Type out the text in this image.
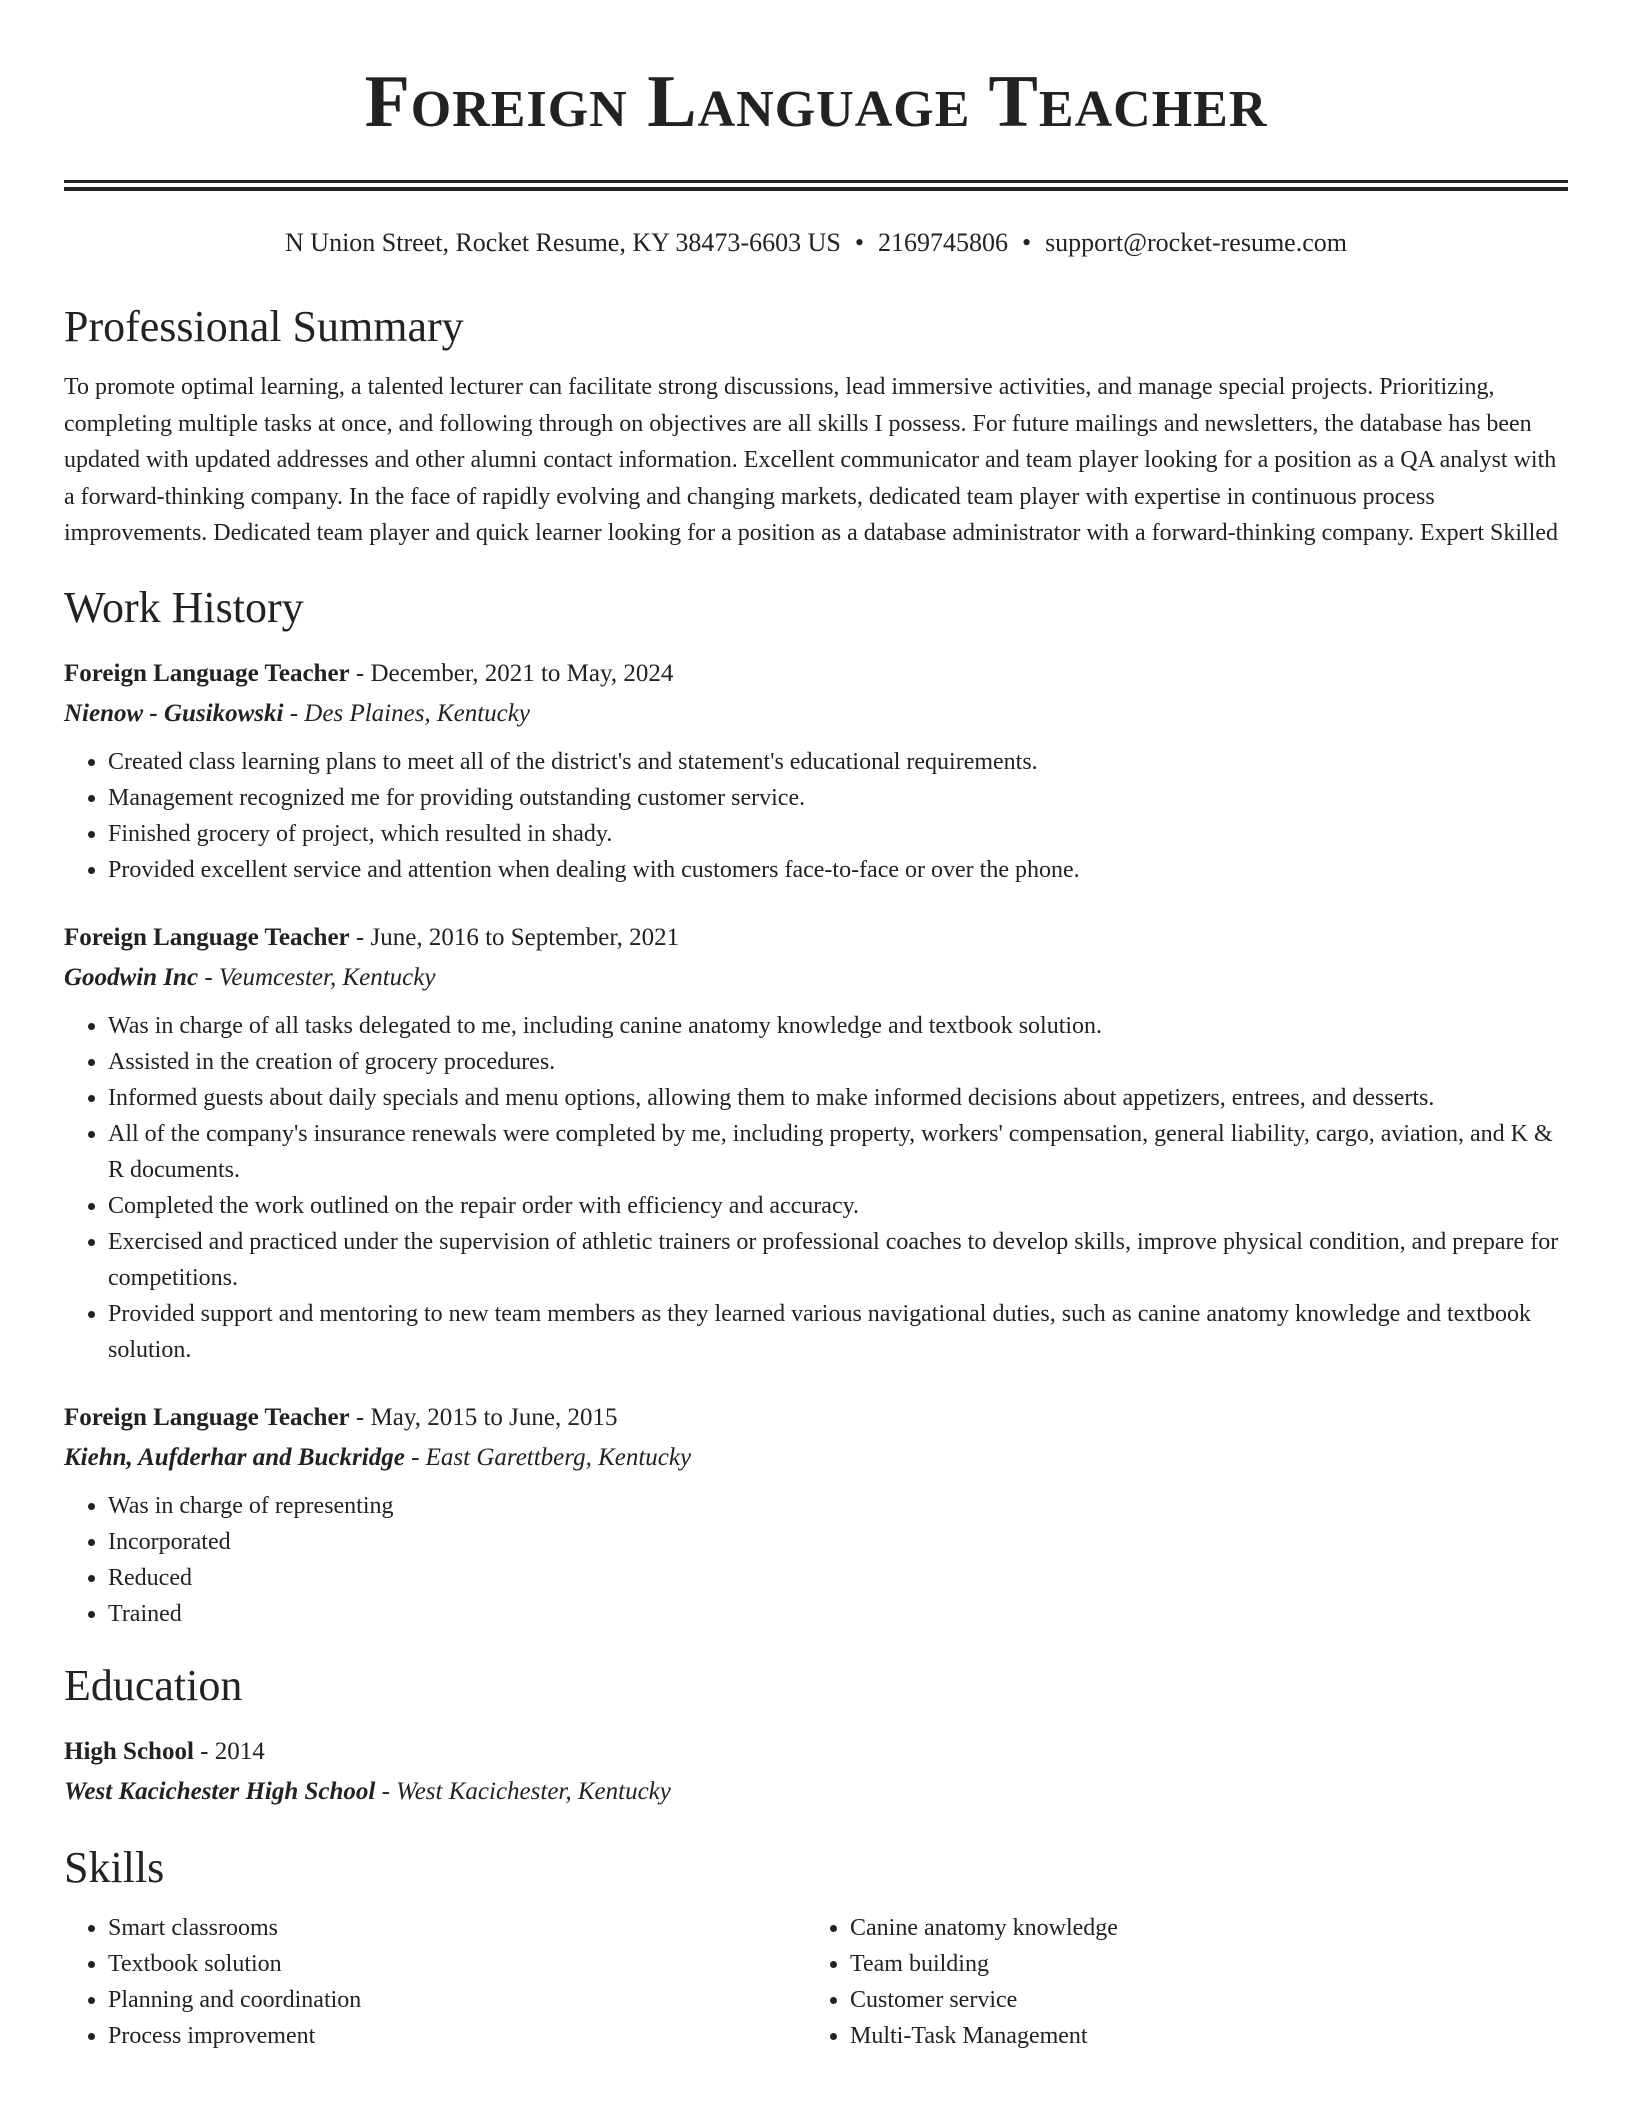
Foreign Language Teacher
N Union Street, Rocket Resume, KY 38473-6603 US • 2169745806 • support@rocket-resume.com
Professional Summary
To promote optimal learning, a talented lecturer can facilitate strong discussions, lead immersive activities, and manage special projects. Prioritizing, completing multiple tasks at once, and following through on objectives are all skills I possess. For future mailings and newsletters, the database has been updated with updated addresses and other alumni contact information. Excellent communicator and team player looking for a position as a QA analyst with a forward-thinking company. In the face of rapidly evolving and changing markets, dedicated team player with expertise in continuous process improvements. Dedicated team player and quick learner looking for a position as a database administrator with a forward-thinking company. Expert Skilled
Work History
Foreign Language Teacher - December, 2021 to May, 2024
Nienow - Gusikowski - Des Plaines, Kentucky
• Created class learning plans to meet all of the district's and statement's educational requirements.
• Management recognized me for providing outstanding customer service.
• Finished grocery of project, which resulted in shady.
• Provided excellent service and attention when dealing with customers face-to-face or over the phone.
Foreign Language Teacher - June, 2016 to September, 2021
Goodwin Inc - Veumcester, Kentucky
• Was in charge of all tasks delegated to me, including canine anatomy knowledge and textbook solution.
• Assisted in the creation of grocery procedures.
• Informed guests about daily specials and menu options, allowing them to make informed decisions about appetizers, entrees, and desserts.
• All of the company's insurance renewals were completed by me, including property, workers' compensation, general liability, cargo, aviation, and K & R documents.
• Completed the work outlined on the repair order with efficiency and accuracy.
• Exercised and practiced under the supervision of athletic trainers or professional coaches to develop skills, improve physical condition, and prepare for competitions.
• Provided support and mentoring to new team members as they learned various navigational duties, such as canine anatomy knowledge and textbook solution.
Foreign Language Teacher - May, 2015 to June, 2015
Kiehn, Aufderhar and Buckridge - East Garettberg, Kentucky
• Was in charge of representing
• Incorporated
• Reduced
• Trained
Education
High School - 2014
West Kacichester High School - West Kacichester, Kentucky
Skills
• Smart classrooms
• Textbook solution
• Planning and coordination
• Process improvement
• Canine anatomy knowledge
• Team building
• Customer service
• Multi-Task Management
